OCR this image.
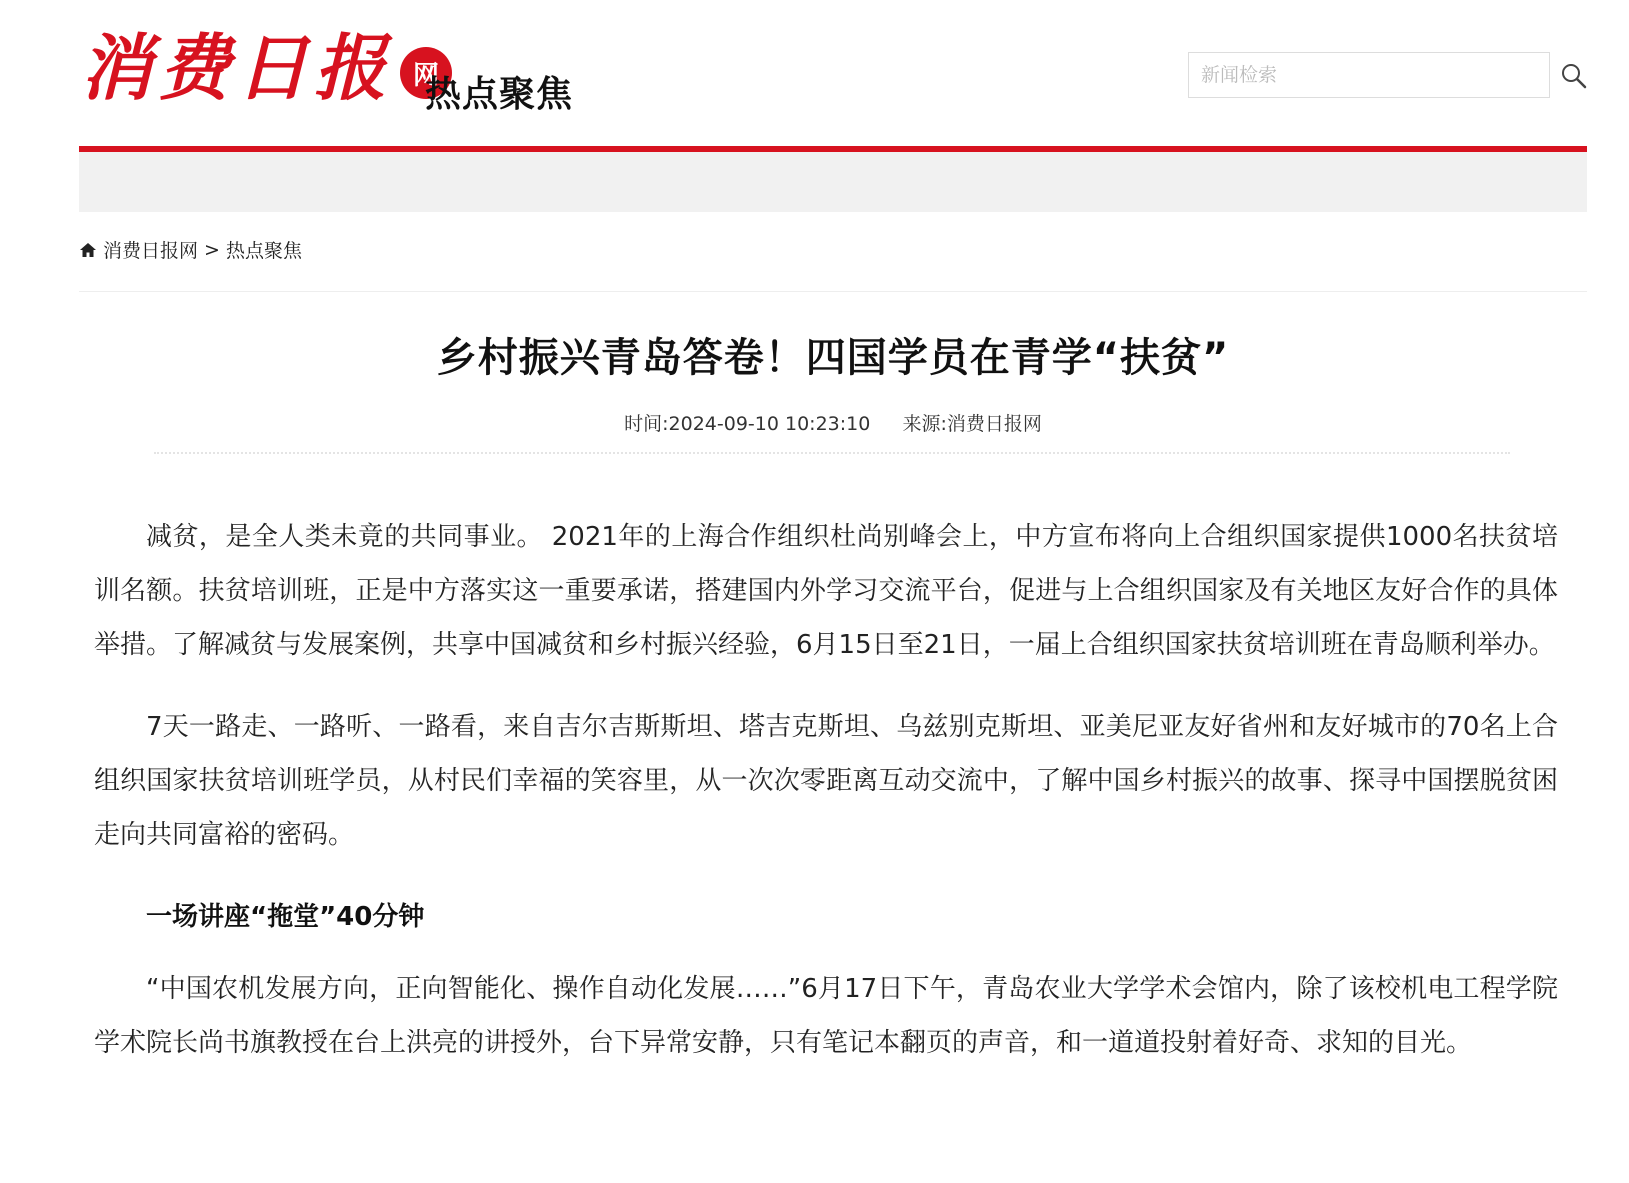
消费日报 网
热点聚焦
新闻检索
消费日报网 > 热点聚焦
乡村振兴青岛答卷！四国学员在青学“扶贫”
时间:2024-09-10 10:23:10 来源:消费日报网

减贫，是全人类未竟的共同事业。 2021年的上海合作组织杜尚别峰会上，中方宣布将向上合组织国家提供1000名扶贫培训名额。扶贫培训班，正是中方落实这一重要承诺，搭建国内外学习交流平台，促进与上合组织国家及有关地区友好合作的具体举措。了解减贫与发展案例，共享中国减贫和乡村振兴经验，6月15日至21日，一届上合组织国家扶贫培训班在青岛顺利举办。

7天一路走、一路听、一路看，来自吉尔吉斯斯坦、塔吉克斯坦、乌兹别克斯坦、亚美尼亚友好省州和友好城市的70名上合组织国家扶贫培训班学员，从村民们幸福的笑容里，从一次次零距离互动交流中，了解中国乡村振兴的故事、探寻中国摆脱贫困走向共同富裕的密码。

一场讲座“拖堂”40分钟

“中国农机发展方向，正向智能化、操作自动化发展……”6月17日下午，青岛农业大学学术会馆内，除了该校机电工程学院学术院长尚书旗教授在台上洪亮的讲授外，台下异常安静，只有笔记本翻页的声音，和一道道投射着好奇、求知的目光。
